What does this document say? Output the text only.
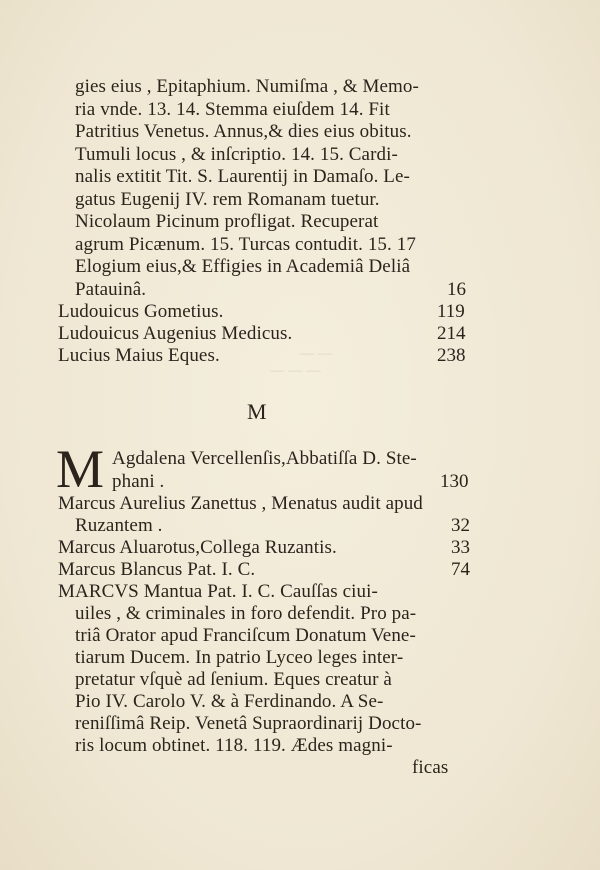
— — —
— —
gies eius , Epitaphium. Numiſma , & Memo-
ria vnde. 13. 14. Stemma eiuſdem 14. Fit
Patritius Venetus. Annus,& dies eius obitus.
Tumuli locus , & inſcriptio. 14. 15. Cardi-
nalis extitit Tit. S. Laurentij in Damaſo. Le-
gatus Eugenij IV. rem Romanam tuetur.
Nicolaum Picinum profligat. Recuperat
agrum Picænum. 15. Turcas contudit. 15. 17
Elogium eius,& Effigies in Academiâ Deliâ
Patauinâ.	16
Ludouicus Gometius.	119
Ludouicus Augenius Medicus.	214
Lucius Maius Eques.	238
M
M Agdalena Vercellenſis,Abbatiſſa D. Ste-
phani .	130
Marcus Aurelius Zanettus , Menatus audit apud
Ruzantem .	32
Marcus Aluarotus,Collega Ruzantis.	33
Marcus Blancus Pat. I. C.	74
MARCVS Mantua Pat. I. C. Cauſſas ciui-
uiles , & criminales in foro defendit. Pro pa-
triâ Orator apud Franciſcum Donatum Vene-
tiarum Ducem. In patrio Lyceo leges inter-
pretatur vſquè ad ſenium. Eques creatur à
Pio IV. Carolo V. & à Ferdinando. A Se-
reniſſimâ Reip. Venetâ Supraordinarij Docto-
ris locum obtinet. 118. 119. Ædes magni-
ficas
